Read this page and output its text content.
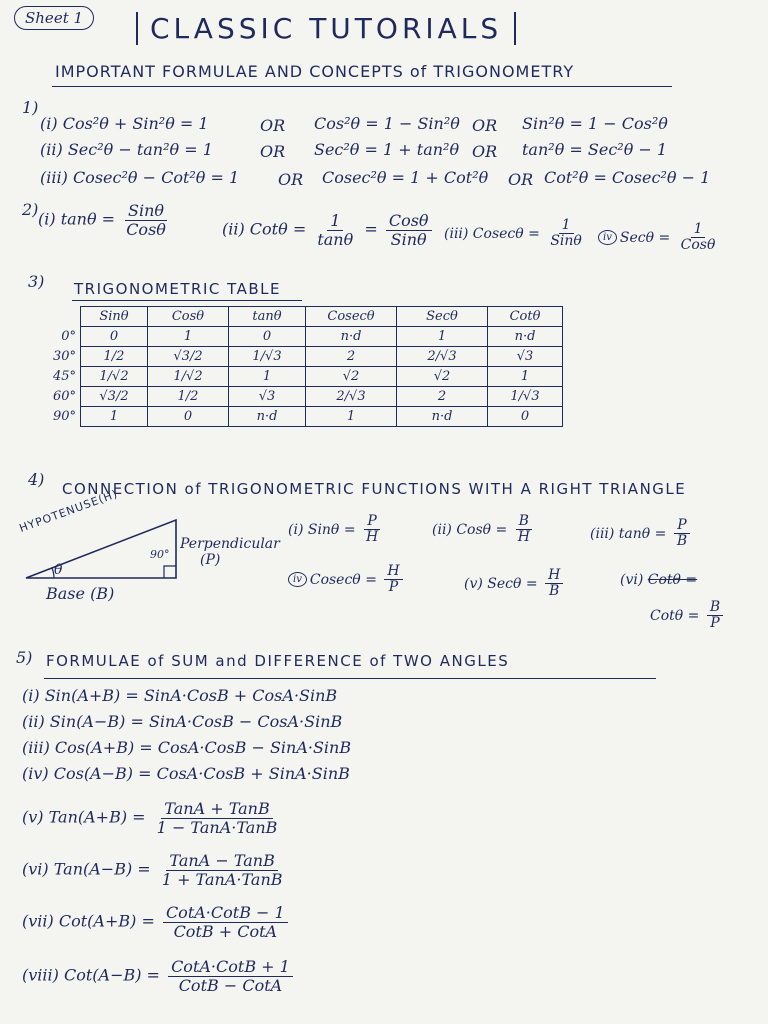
Sheet 1	CLASSIC TUTORIALS
IMPORTANT FORMULAE AND CONCEPTS of TRIGONOMETRY
1)
(i) Cos²θ + Sin²θ = 1	OR Cos²θ = 1 − Sin²θ OR Sin²θ = 1 − Cos²θ
(ii) Sec²θ − tan²θ = 1	OR Sec²θ = 1 + tan²θ OR tan²θ = Sec²θ − 1
(iii) Cosec²θ − Cot²θ = 1 OR Cosec²θ = 1 + Cot²θ OR Cot²θ = Cosec²θ − 1
2)
(i) $\tan\theta = \frac{\text{Sinθ}}{\text{Cosθ}}$	(ii) $Cot\theta = \frac{1}{\tan\theta} = \frac{\text{Cosθ}}{\text{Sinθ}} (iii) Cosec\theta = \frac{1}{\text{Sinθ}}$	iv $Sec\theta = \frac{1}{\text{Cosθ}}$
3) TRIGONOMETRIC TABLE
	Sinθ	Cosθ	tanθ	Cosecθ	Secθ	Cotθ
0°	0	1	0	n·d	1	n·d
30°	1/2	√3/2	1/√3	2	2/√3	√3
45°	1/√2	1/√2	1	√2	√2	1
60°	√3/2	1/2	√3	2/√3	2	1/√3
90°	1	0	n·d	1	n·d	0
4) CONNECTION of TRIGONOMETRIC FUNCTIONS WITH A RIGHT TRIANGLE
HYPOTENUSE(H)
θ
90°
Perpendicular
(P)
Base (B)
(i) $Sin\theta = \frac{P}{H}$	(ii) $Cos\theta = \frac{B}{H}$	(iii) $\tan\theta = \frac{P}{B}$
iv $Cosec\theta = \frac{H}{P}$	(v) $Sec\theta = \frac{H}{B}$	(vi) Cotθ =
$Cot\theta = \frac{B}{P}$
5) FORMULAE of SUM and DIFFERENCE of TWO ANGLES
(i) Sin(A+B) = SinA·CosB + CosA·SinB
(ii) Sin(A−B) = SinA·CosB − CosA·SinB
(iii) Cos(A+B) = CosA·CosB − SinA·SinB
(iv) Cos(A−B) = CosA·CosB + SinA·SinB
(v) $Tan(A+B) = \frac{\text{TanA + TanB}}{\text{1 − TanA·TanB}}$
(vi) $Tan(A-B) = \frac{\text{TanA − TanB}}{\text{1 + TanA·TanB}}$
(vii) $Cot(A+B) = \frac{\text{CotA·CotB − 1}}{\text{CotB + CotA}}$
(viii) $Cot(A-B) = \frac{\text{CotA·CotB + 1}}{\text{CotB − CotA}}$
